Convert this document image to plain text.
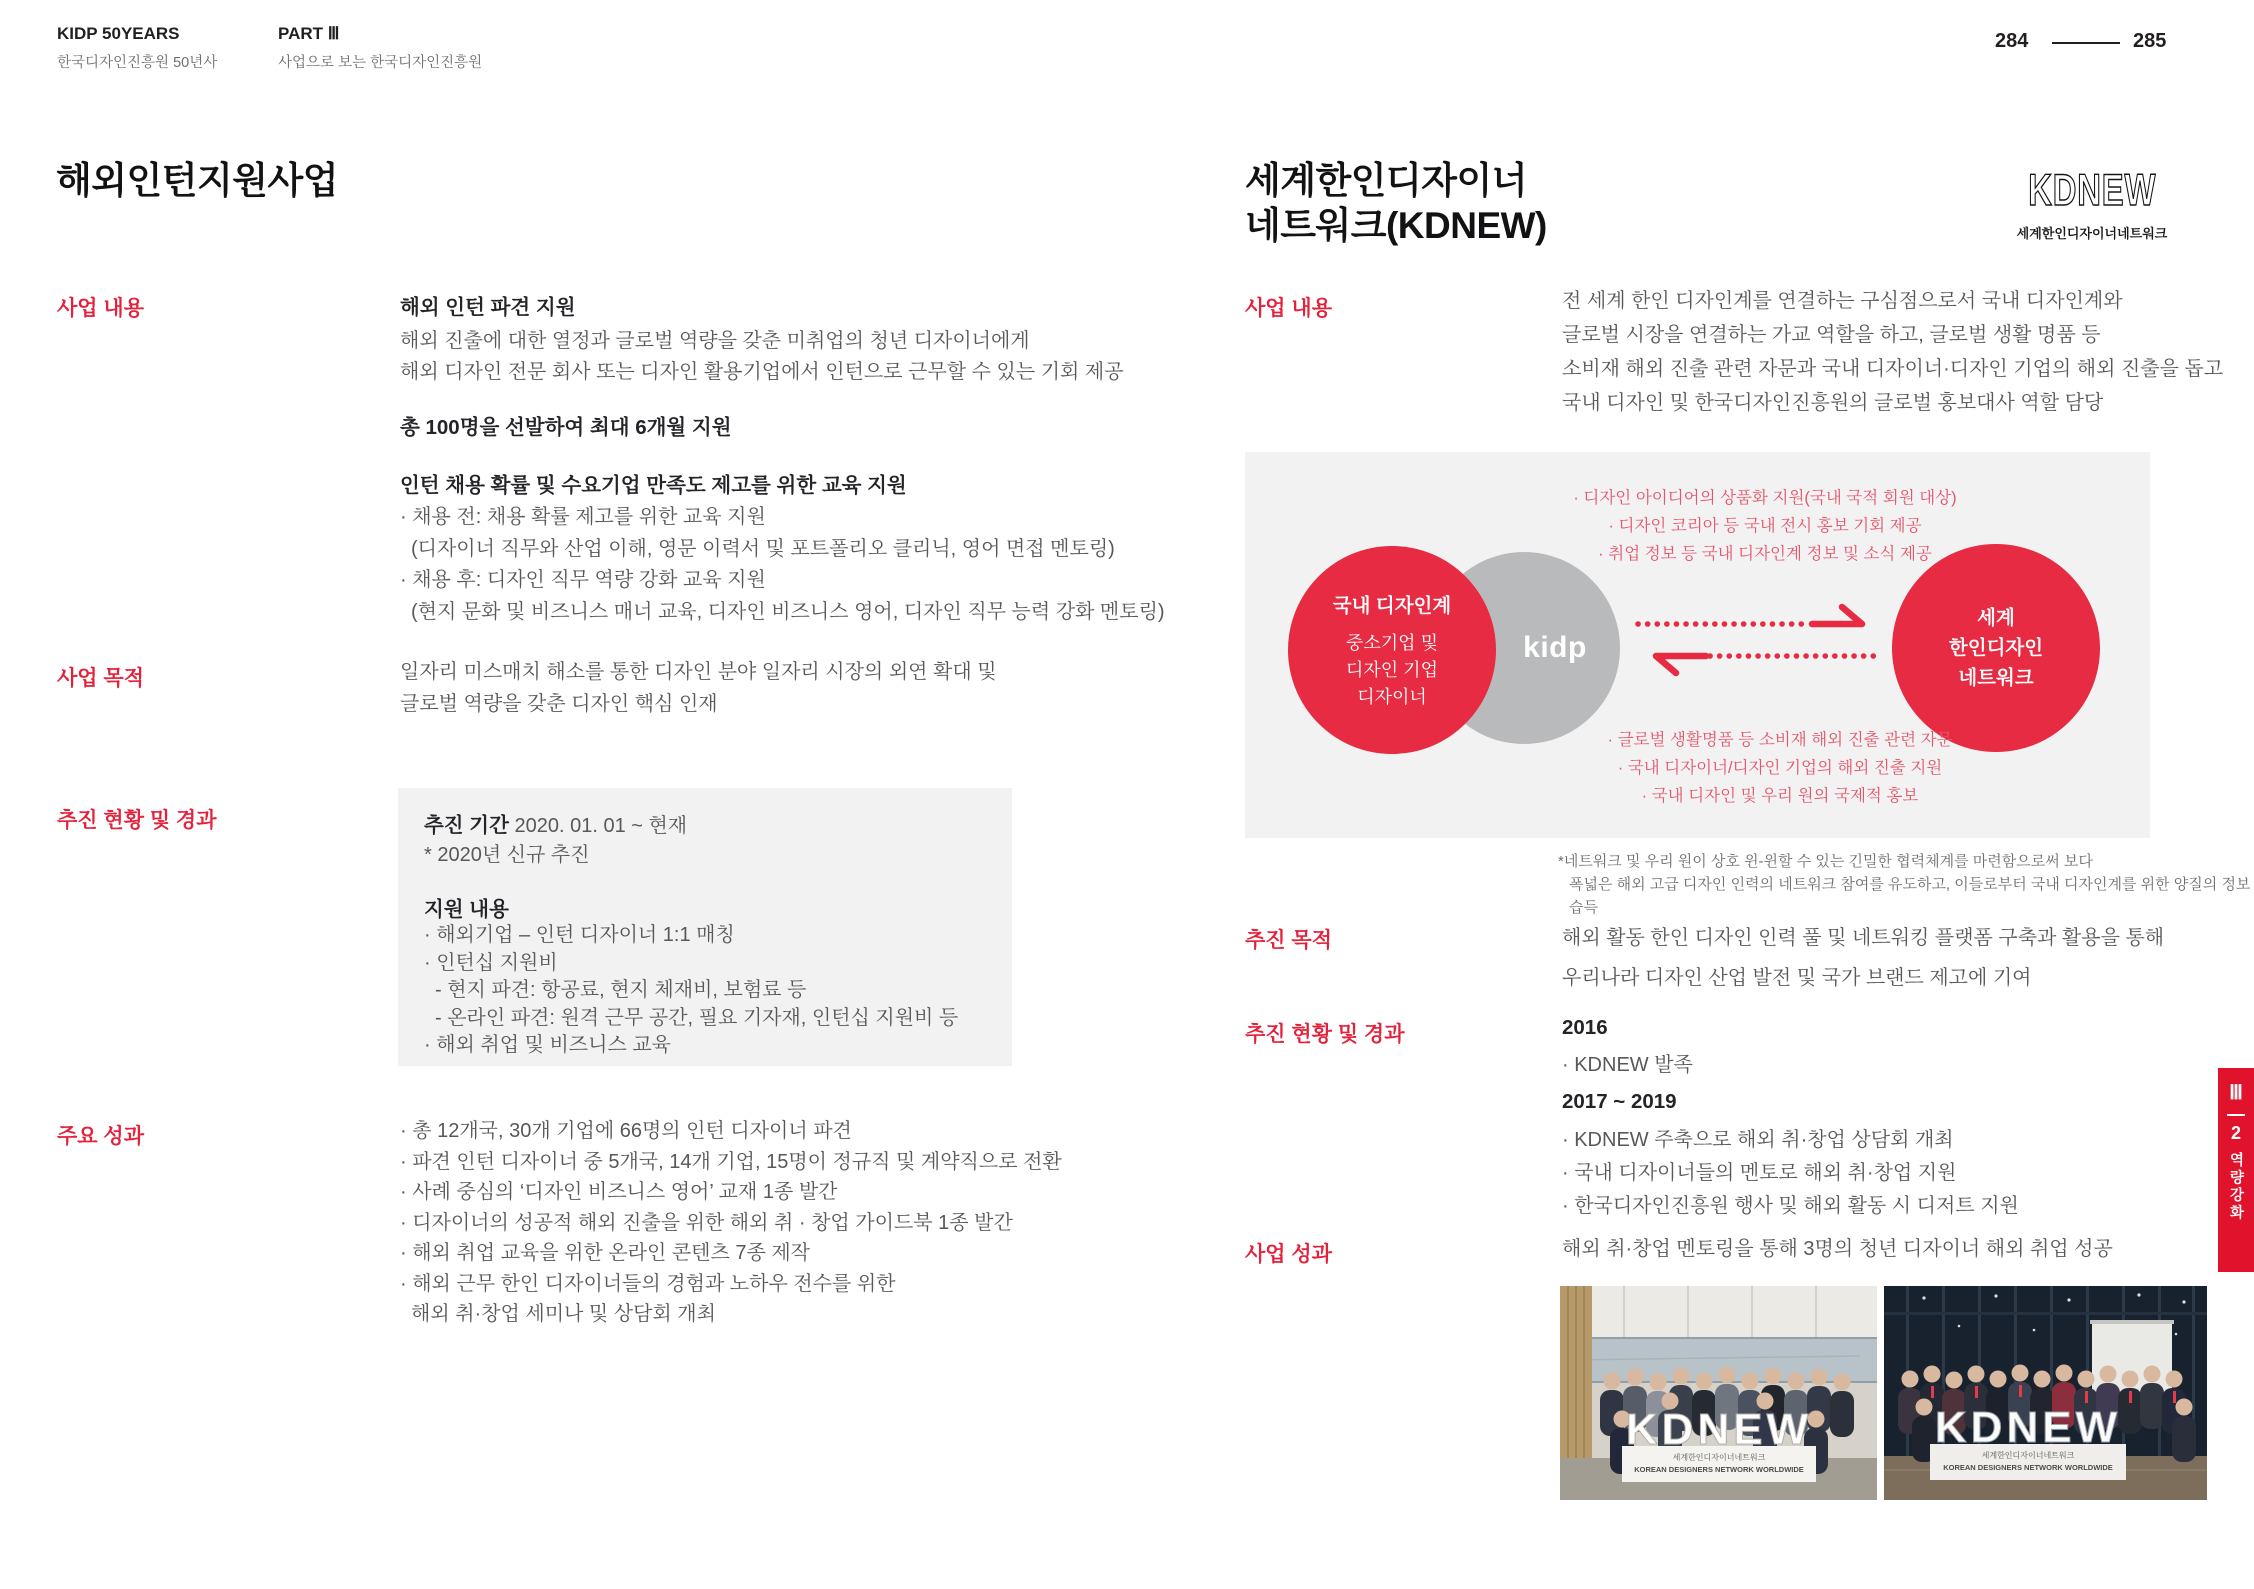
KIDP 50YEARS
한국디자인진흥원 50년사
PART Ⅲ
사업으로 보는 한국디자인진흥원
284	285
해외인턴지원사업
사업 내용	해외 인턴 파견 지원
해외 진출에 대한 열정과 글로벌 역량을 갖춘 미취업의 청년 디자이너에게
해외 디자인 전문 회사 또는 디자인 활용기업에서 인턴으로 근무할 수 있는 기회 제공
총 100명을 선발하여 최대 6개월 지원
인턴 채용 확률 및 수요기업 만족도 제고를 위한 교육 지원
· 채용 전: 채용 확률 제고를 위한 교육 지원
(디자이너 직무와 산업 이해, 영문 이력서 및 포트폴리오 클리닉, 영어 면접 멘토링)
· 채용 후: 디자인 직무 역량 강화 교육 지원
(현지 문화 및 비즈니스 매너 교육, 디자인 비즈니스 영어, 디자인 직무 능력 강화 멘토링)
사업 목적	일자리 미스매치 해소를 통한 디자인 분야 일자리 시장의 외연 확대 및
글로벌 역량을 갖춘 디자인 핵심 인재
추진 현황 및 경과	추진 기간 2020. 01. 01 ~ 현재
* 2020년 신규 추진
지원 내용
· 해외기업 – 인턴 디자이너 1:1 매칭
· 인턴십 지원비
- 현지 파견: 항공료, 현지 체재비, 보험료 등
- 온라인 파견: 원격 근무 공간, 필요 기자재, 인턴십 지원비 등
· 해외 취업 및 비즈니스 교육
주요 성과	· 총 12개국, 30개 기업에 66명의 인턴 디자이너 파견
· 파견 인턴 디자이너 중 5개국, 14개 기업, 15명이 정규직 및 계약직으로 전환
· 사례 중심의 ‘디자인 비즈니스 영어’ 교재 1종 발간
· 디자이너의 성공적 해외 진출을 위한 해외 취 · 창업 가이드북 1종 발간
· 해외 취업 교육을 위한 온라인 콘텐츠 7종 제작
· 해외 근무 한인 디자이너들의 경험과 노하우 전수를 위한
해외 취·창업 세미나 및 상담회 개최
세계한인디자이너
네트워크(KDNEW)
KDNEW
세계한인디자이너네트워크
사업 내용	전 세계 한인 디자인계를 연결하는 구심점으로서 국내 디자인계와
글로벌 시장을 연결하는 가교 역할을 하고, 글로벌 생활 명품 등
소비재 해외 진출 관련 자문과 국내 디자이너·디자인 기업의 해외 진출을 돕고
국내 디자인 및 한국디자인진흥원의 글로벌 홍보대사 역할 담당
· 디자인 아이디어의 상품화 지원(국내 국적 회원 대상)
· 디자인 코리아 등 국내 전시 홍보 기회 제공
· 취업 정보 등 국내 디자인계 정보 및 소식 제공
kidp
국내 디자인계
중소기업 및
디자인 기업
디자이너
세계
한인디자인
네트워크
· 글로벌 생활명품 등 소비재 해외 진출 관련 자문
· 국내 디자이너/디자인 기업의 해외 진출 지원
· 국내 디자인 및 우리 원의 국제적 홍보
*네트워크 및 우리 원이 상호 윈-윈할 수 있는 긴밀한 협력체계를 마련함으로써 보다
폭넓은 해외 고급 디자인 인력의 네트워크 참여를 유도하고, 이들로부터 국내 디자인계를 위한 양질의 정보 습득
추진 목적	해외 활동 한인 디자인 인력 풀 및 네트워킹 플랫폼 구축과 활용을 통해
우리나라 디자인 산업 발전 및 국가 브랜드 제고에 기여
추진 현황 및 경과	2016
· KDNEW 발족
2017 ~ 2019
· KDNEW 주축으로 해외 취·창업 상담회 개최
· 국내 디자이너들의 멘토로 해외 취·창업 지원
· 한국디자인진흥원 행사 및 해외 활동 시 디저트 지원
사업 성과	해외 취·창업 멘토링을 통해 3명의 청년 디자이너 해외 취업 성공
KDNEW
세계한인디자이너네트워크
KOREAN DESIGNERS NETWORK WORLDWIDE
KDNEW
세계한인디자이너네트워크
KOREAN DESIGNERS NETWORK WORLDWIDE
Ⅲ
2
역량강화
